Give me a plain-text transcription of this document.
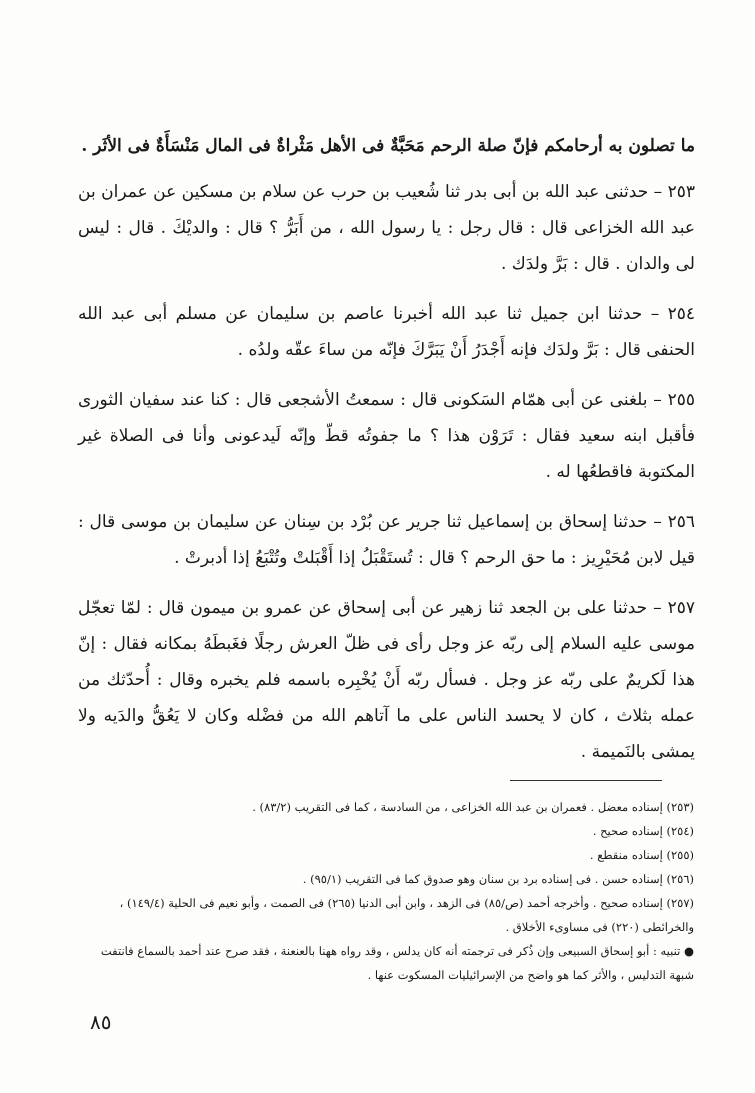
ما تصلون به أرحامكم فإنّ صلة الرحم مَحَبَّةٌ فى الأهل مَثْراةٌ فى المال مَنْسَأَةٌ فى الأثَر .

٢٥٣ – حدثنى عبد الله بن أبى بدر ثنا شُعيب بن حرب عن سلام بن مسكين عن عمران بن عبد الله الخزاعى قال : قال رجل : يا رسول الله ، من أَبَرُّ ؟ قال : والديْكَ . قال : ليس لى والدان . قال : بَرَّ ولدَك .

٢٥٤ – حدثنا ابن جميل ثنا عبد الله أخبرنا عاصم بن سليمان عن مسلم أبى عبد الله الحنفى قال : بَرَّ ولدَك فإنه أَجْدَرُ أَنْ يَبَرَّكَ فإنّه من ساءَ عقّه ولدُه .

٢٥٥ – بلغنى عن أبى همّام السَكونى قال : سمعتُ الأشجعى قال : كنا عند سفيان الثورى فأقبل ابنه سعيد فقال : تَرَوْن هذا ؟ ما جفوتُه قطّ وإنّه لَيدعونى وأنا فى الصلاة غير المكتوبة فاقطعُها له .

٢٥٦ – حدثنا إسحاق بن إسماعيل ثنا جرير عن بُرْد بن سِنان عن سليمان بن موسى قال : قيل لابن مُحَيْرِيز : ما حق الرحم ؟ قال : تُستَقْبَلُ إذا أَقْبَلتْ وتُتْبَعُ إذا أدبرتْ .

٢٥٧ – حدثنا على بن الجعد ثنا زهير عن أبى إسحاق عن عمرو بن ميمون قال : لمّا تعجّل موسى عليه السلام إلى ربّه عز وجل رأى فى ظلّ العرش رجلًا فغَبطَهُ بمكانه فقال : إنّ هذا لَكريمٌ على ربّه عز وجل . فسأل ربّه أَنْ يُخْبِره باسمه فلم يخبره وقال : أُحدّثك من عمله بثلاث ، كان لا يحسد الناس على ما آتاهم الله من فضْله وكان لا يَعُقُّ والدَيه ولا يمشى بالنَميمة .

(٢٥٣) إسناده معضل . فعمران بن عبد الله الخزاعى ، من السادسة ، كما فى التقريب (٨٣/٢) .

(٢٥٤) إسناده صحيح .

(٢٥٥) إسناده منقطع .

(٢٥٦) إسناده حسن . فى إسناده برد بن سنان وهو صدوق كما فى التقريب (٩٥/١) .

(٢٥٧) إسناده صحيح . وأخرجه أحمد (ص/٨٥) فى الزهد ، وابن أبى الدنيا (٢٦٥) فى الصمت ، وأبو نعيم فى الحلية (١٤٩/٤) ، والخرائطى (٢٢٠) فى مساوىء الأخلاق .

● تنبيه : أبو إسحاق السبيعى وإن ذُكر فى ترجمته أنه كان يدلس ، وقد رواه ههنا بالعنعنة ، فقد صرح عند أحمد بالسماع فانتفت شبهة التدليس ، والأثر كما هو واضح من الإسرائيليات المسكوت عنها .

٨٥
